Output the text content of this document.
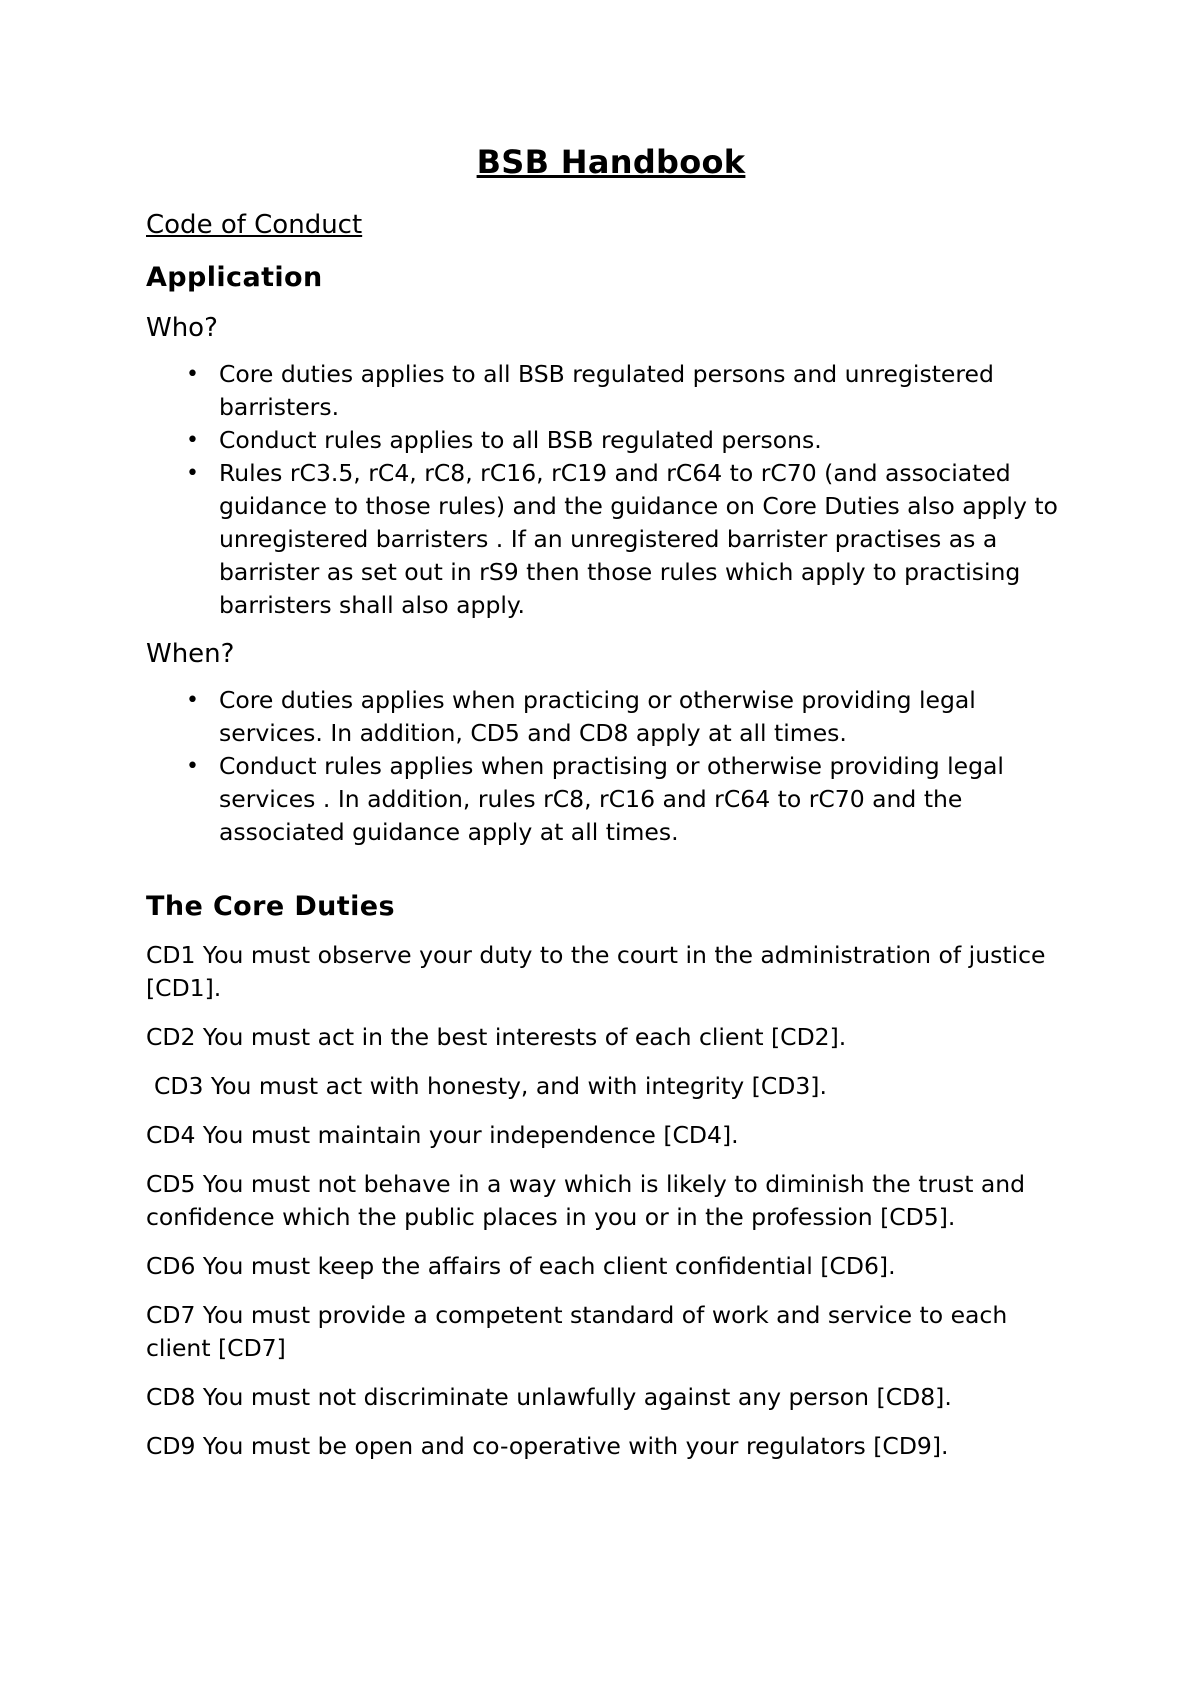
BSB Handbook
Code of Conduct
Application
Who?
• Core duties applies to all BSB regulated persons and unregistered barristers.
• Conduct rules applies to all BSB regulated persons.
• Rules rC3.5, rC4, rC8, rC16, rC19 and rC64 to rC70 (and associated guidance to those rules) and the guidance on Core Duties also apply to unregistered barristers . If an unregistered barrister practises as a barrister as set out in rS9 then those rules which apply to practising barristers shall also apply.
When?
• Core duties applies when practicing or otherwise providing legal services. In addition, CD5 and CD8 apply at all times.
• Conduct rules applies when practising or otherwise providing legal services . In addition, rules rC8, rC16 and rC64 to rC70 and the associated guidance apply at all times.
The Core Duties
CD1 You must observe your duty to the court in the administration of justice [CD1].
CD2 You must act in the best interests of each client [CD2].
CD3 You must act with honesty, and with integrity [CD3].
CD4 You must maintain your independence [CD4].
CD5 You must not behave in a way which is likely to diminish the trust and confidence which the public places in you or in the profession [CD5].
CD6 You must keep the affairs of each client confidential [CD6].
CD7 You must provide a competent standard of work and service to each client [CD7]
CD8 You must not discriminate unlawfully against any person [CD8].
CD9 You must be open and co-operative with your regulators [CD9].
